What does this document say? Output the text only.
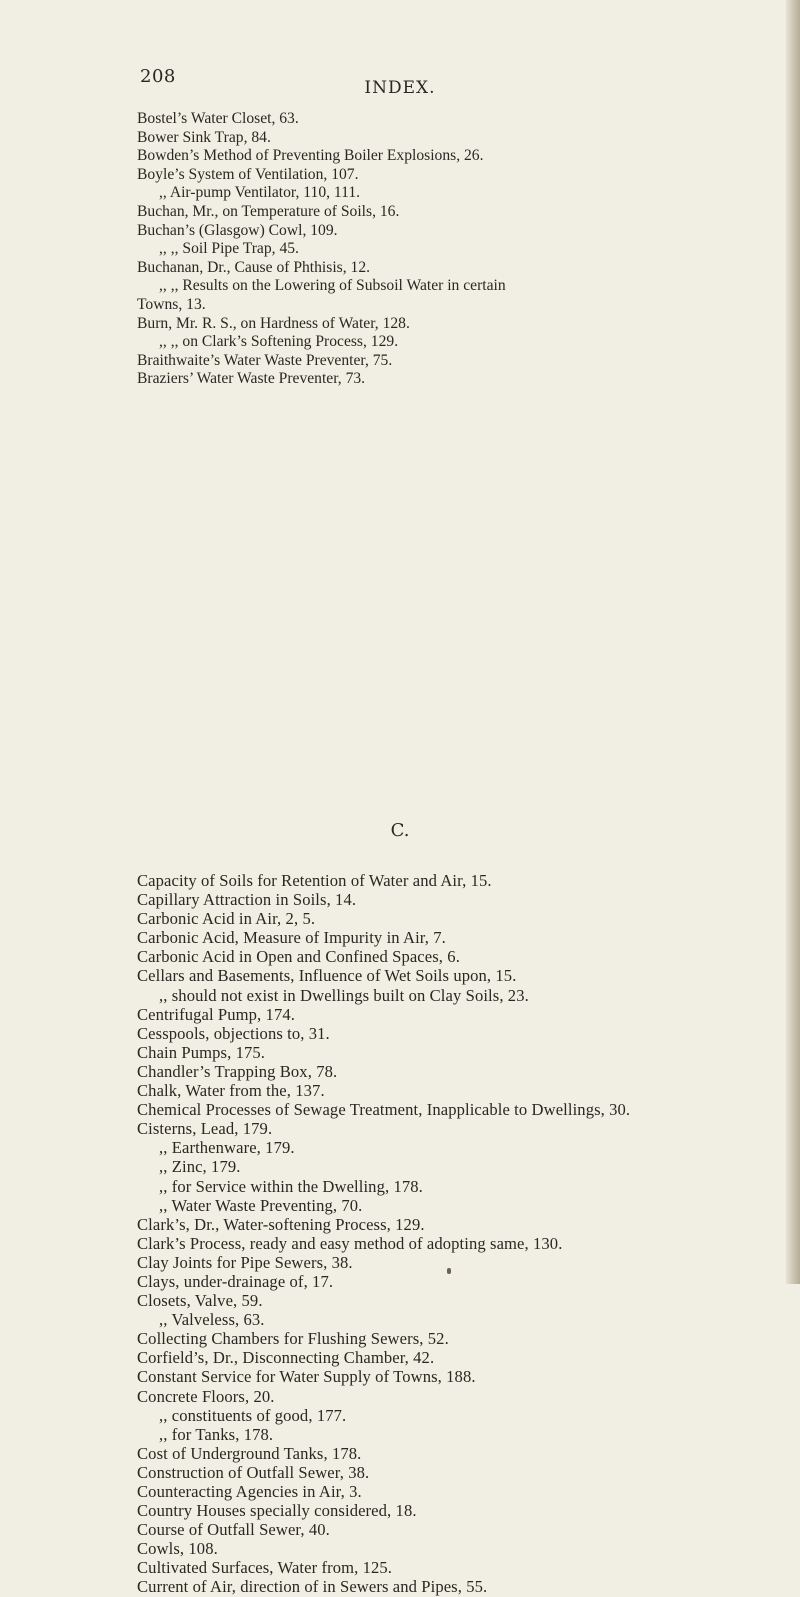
208
INDEX.
Bostel’s Water Closet, 63.
Bower Sink Trap, 84.
Bowden’s Method of Preventing Boiler Explosions, 26.
Boyle’s System of Ventilation, 107.
,, Air-pump Ventilator, 110, 111.
Buchan, Mr., on Temperature of Soils, 16.
Buchan’s (Glasgow) Cowl, 109.
,, ,, Soil Pipe Trap, 45.
Buchanan, Dr., Cause of Phthisis, 12.
,, ,, Results on the Lowering of Subsoil Water in certain
Towns, 13.
Burn, Mr. R. S., on Hardness of Water, 128.
,, ,, on Clark’s Softening Process, 129.
Braithwaite’s Water Waste Preventer, 75.
Braziers’ Water Waste Preventer, 73.
C.
Capacity of Soils for Retention of Water and Air, 15.
Capillary Attraction in Soils, 14.
Carbonic Acid in Air, 2, 5.
Carbonic Acid, Measure of Impurity in Air, 7.
Carbonic Acid in Open and Confined Spaces, 6.
Cellars and Basements, Influence of Wet Soils upon, 15.
,, should not exist in Dwellings built on Clay Soils, 23.
Centrifugal Pump, 174.
Cesspools, objections to, 31.
Chain Pumps, 175.
Chandler’s Trapping Box, 78.
Chalk, Water from the, 137.
Chemical Processes of Sewage Treatment, Inapplicable to Dwellings, 30.
Cisterns, Lead, 179.
,, Earthenware, 179.
,, Zinc, 179.
,, for Service within the Dwelling, 178.
,, Water Waste Preventing, 70.
Clark’s, Dr., Water-softening Process, 129.
Clark’s Process, ready and easy method of adopting same, 130.
Clay Joints for Pipe Sewers, 38.
Clays, under-drainage of, 17.
Closets, Valve, 59.
,, Valveless, 63.
Collecting Chambers for Flushing Sewers, 52.
Corfield’s, Dr., Disconnecting Chamber, 42.
Constant Service for Water Supply of Towns, 188.
Concrete Floors, 20.
,, constituents of good, 177.
,, for Tanks, 178.
Cost of Underground Tanks, 178.
Construction of Outfall Sewer, 38.
Counteracting Agencies in Air, 3.
Country Houses specially considered, 18.
Course of Outfall Sewer, 40.
Cowls, 108.
Cultivated Surfaces, Water from, 125.
Current of Air, direction of in Sewers and Pipes, 55.
